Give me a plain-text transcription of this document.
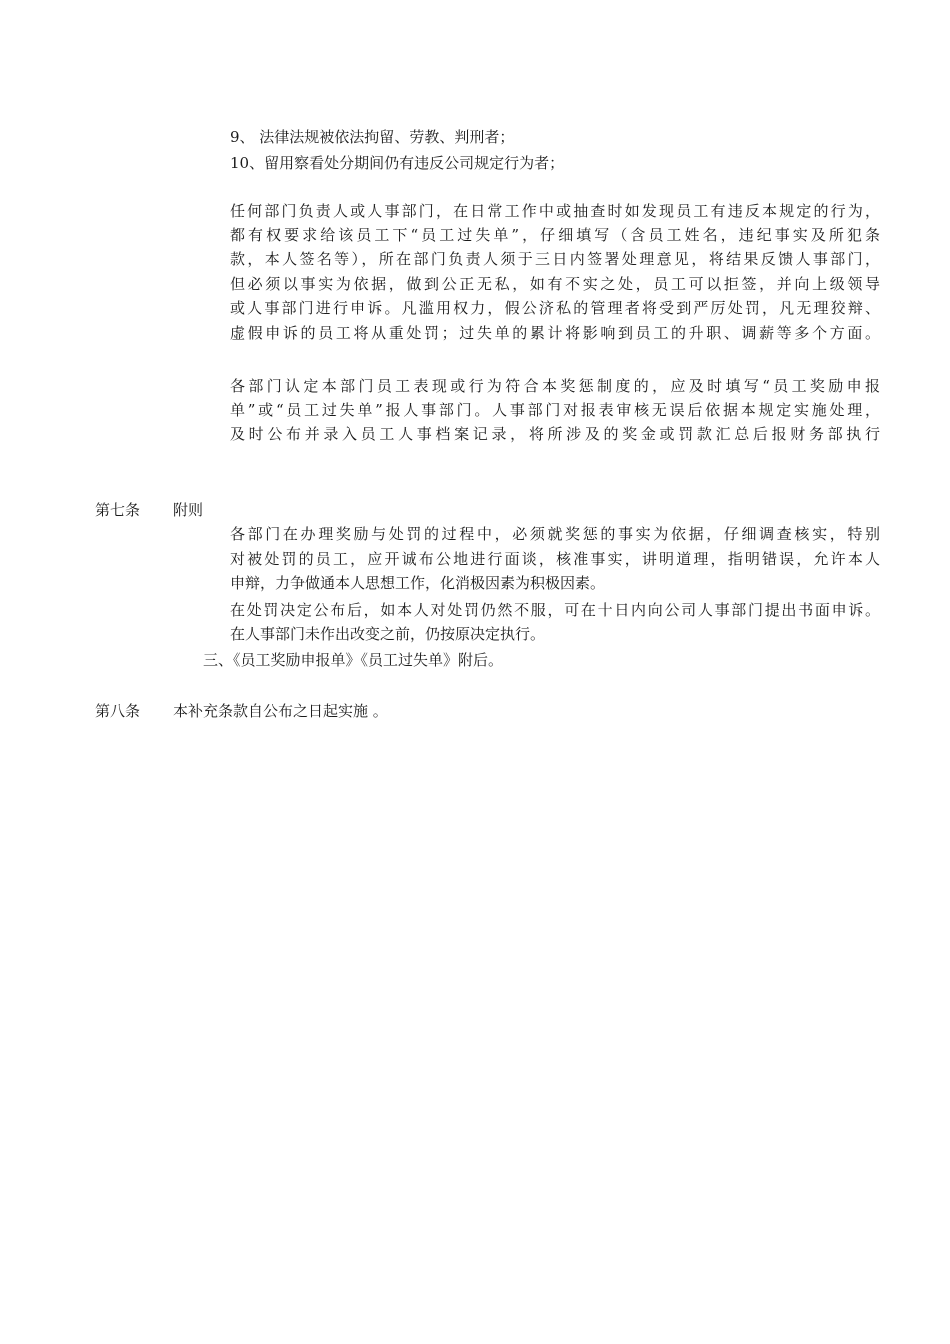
9、 法律法规被依法拘留、劳教、判刑者；
10、留用察看处分期间仍有违反公司规定行为者；
任何部门负责人或人事部门，在日常工作中或抽查时如发现员工有违反本规定的行为，
都有权要求给该员工下“员工过失单”，仔细填写（含员工姓名，违纪事实及所犯条
款，本人签名等），所在部门负责人须于三日内签署处理意见，将结果反馈人事部门，
但必须以事实为依据，做到公正无私，如有不实之处，员工可以拒签，并向上级领导
或人事部门进行申诉。凡滥用权力，假公济私的管理者将受到严厉处罚，凡无理狡辩、
虚假申诉的员工将从重处罚；过失单的累计将影响到员工的升职、调薪等多个方面。
各部门认定本部门员工表现或行为符合本奖惩制度的，应及时填写“员工奖励申报
单”或“员工过失单”报人事部门。人事部门对报表审核无误后依据本规定实施处理，
及时公布并录入员工人事档案记录，将所涉及的奖金或罚款汇总后报财务部执行
第七条 附则
各部门在办理奖励与处罚的过程中，必须就奖惩的事实为依据，仔细调查核实，特别
对被处罚的员工，应开诚布公地进行面谈，核准事实，讲明道理，指明错误，允许本人
申辩，力争做通本人思想工作，化消极因素为积极因素。
在处罚决定公布后，如本人对处罚仍然不服，可在十日内向公司人事部门提出书面申诉。
在人事部门未作出改变之前，仍按原决定执行。
三、《员工奖励申报单》《员工过失单》附后。
第八条 本补充条款自公布之日起实施 。
